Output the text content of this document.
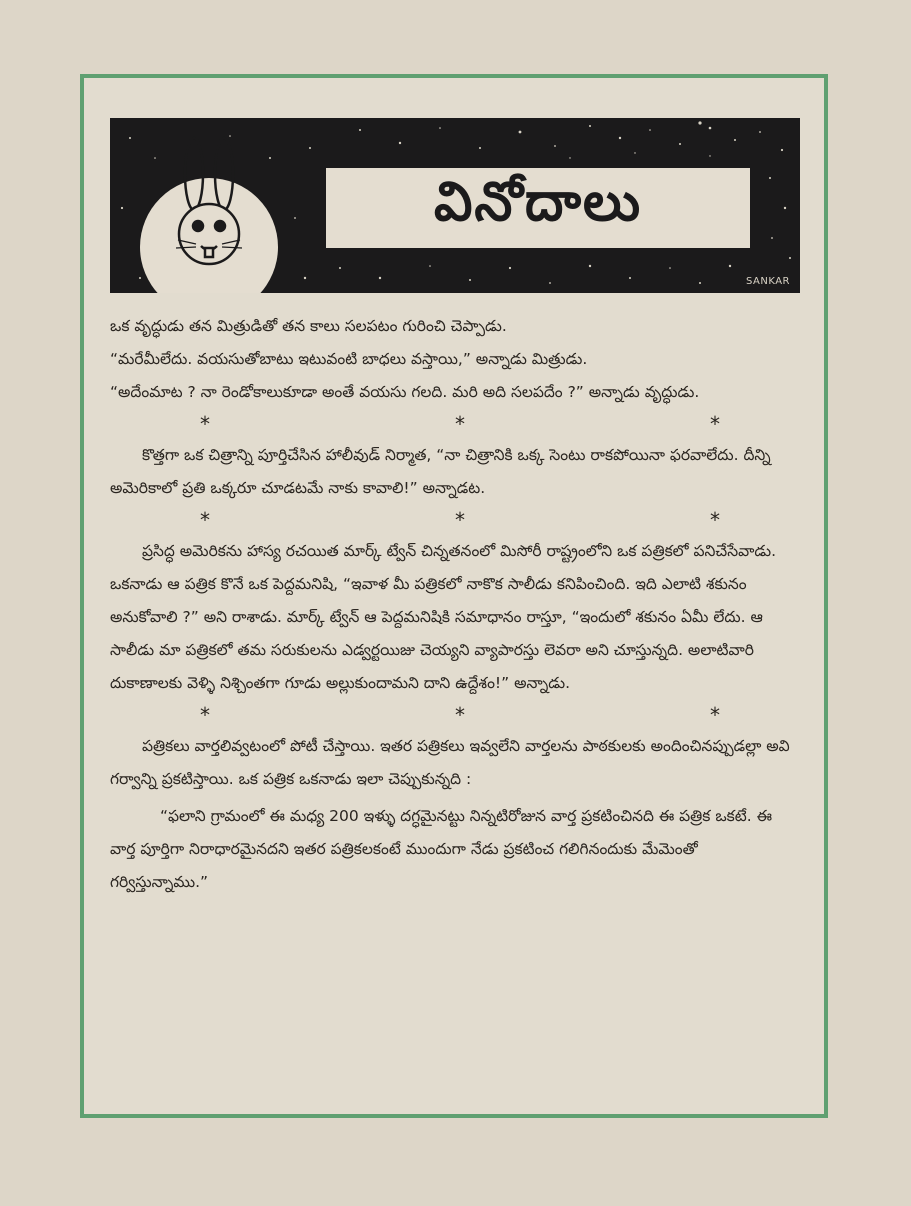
వినోదాలు
SANKAR

ఒక వృద్ధుడు తన మిత్రుడితో తన కాలు సలపటం గురించి చెప్పాడు.

“మరేమీలేదు. వయసుతోబాటు ఇటువంటి బాధలు వస్తాయి,” అన్నాడు మిత్రుడు.

“అదేంమాట ? నా రెండోకాలుకూడా అంతే వయసు గలది. మరి అది సలపదేం ?” అన్నాడు వృద్ధుడు.

*	*	*

కొత్తగా ఒక చిత్రాన్ని పూర్తిచేసిన హాలీవుడ్ నిర్మాత, “నా చిత్రానికి ఒక్క సెంటు రాకపోయినా ఫరవాలేదు. దీన్ని అమెరికాలో ప్రతి ఒక్కరూ చూడటమే నాకు కావాలి!” అన్నాడట.

*	*	*

ప్రసిద్ధ అమెరికను హాస్య రచయిత మార్క్ ట్వేన్ చిన్నతనంలో మిసోరీ రాష్ట్రంలోని ఒక పత్రికలో పనిచేసేవాడు. ఒకనాడు ఆ పత్రిక కొనే ఒక పెద్దమనిషి, “ఇవాళ మీ పత్రికలో నాకొక సాలీడు కనిపించింది. ఇది ఎలాటి శకునం అనుకోవాలి ?” అని రాశాడు. మార్క్ ట్వేన్ ఆ పెద్దమనిషికి సమాధానం రాస్తూ, “ఇందులో శకునం ఏమీ లేదు. ఆ సాలీడు మా పత్రికలో తమ సరుకులను ఎడ్వర్టయిజు చెయ్యని వ్యాపారస్తు లెవరా అని చూస్తున్నది. అలాటివారి దుకాణాలకు వెళ్ళి నిశ్చింతగా గూడు అల్లుకుందామని దాని ఉద్దేశం!” అన్నాడు.

*	*	*

పత్రికలు వార్తలివ్వటంలో పోటీ చేస్తాయి. ఇతర పత్రికలు ఇవ్వలేని వార్తలను పాఠకులకు అందించినప్పుడల్లా అవి గర్వాన్ని ప్రకటిస్తాయి. ఒక పత్రిక ఒకనాడు ఇలా చెప్పుకున్నది :

“ఫలాని గ్రామంలో ఈ మధ్య 200 ఇళ్ళు దగ్ధమైనట్టు నిన్నటిరోజున వార్త ప్రకటించినది ఈ పత్రిక ఒకటే. ఈ వార్త పూర్తిగా నిరాధారమైనదని ఇతర పత్రికలకంటే ముందుగా నేడు ప్రకటించ గలిగినందుకు మేమెంతో గర్విస్తున్నాము.”
